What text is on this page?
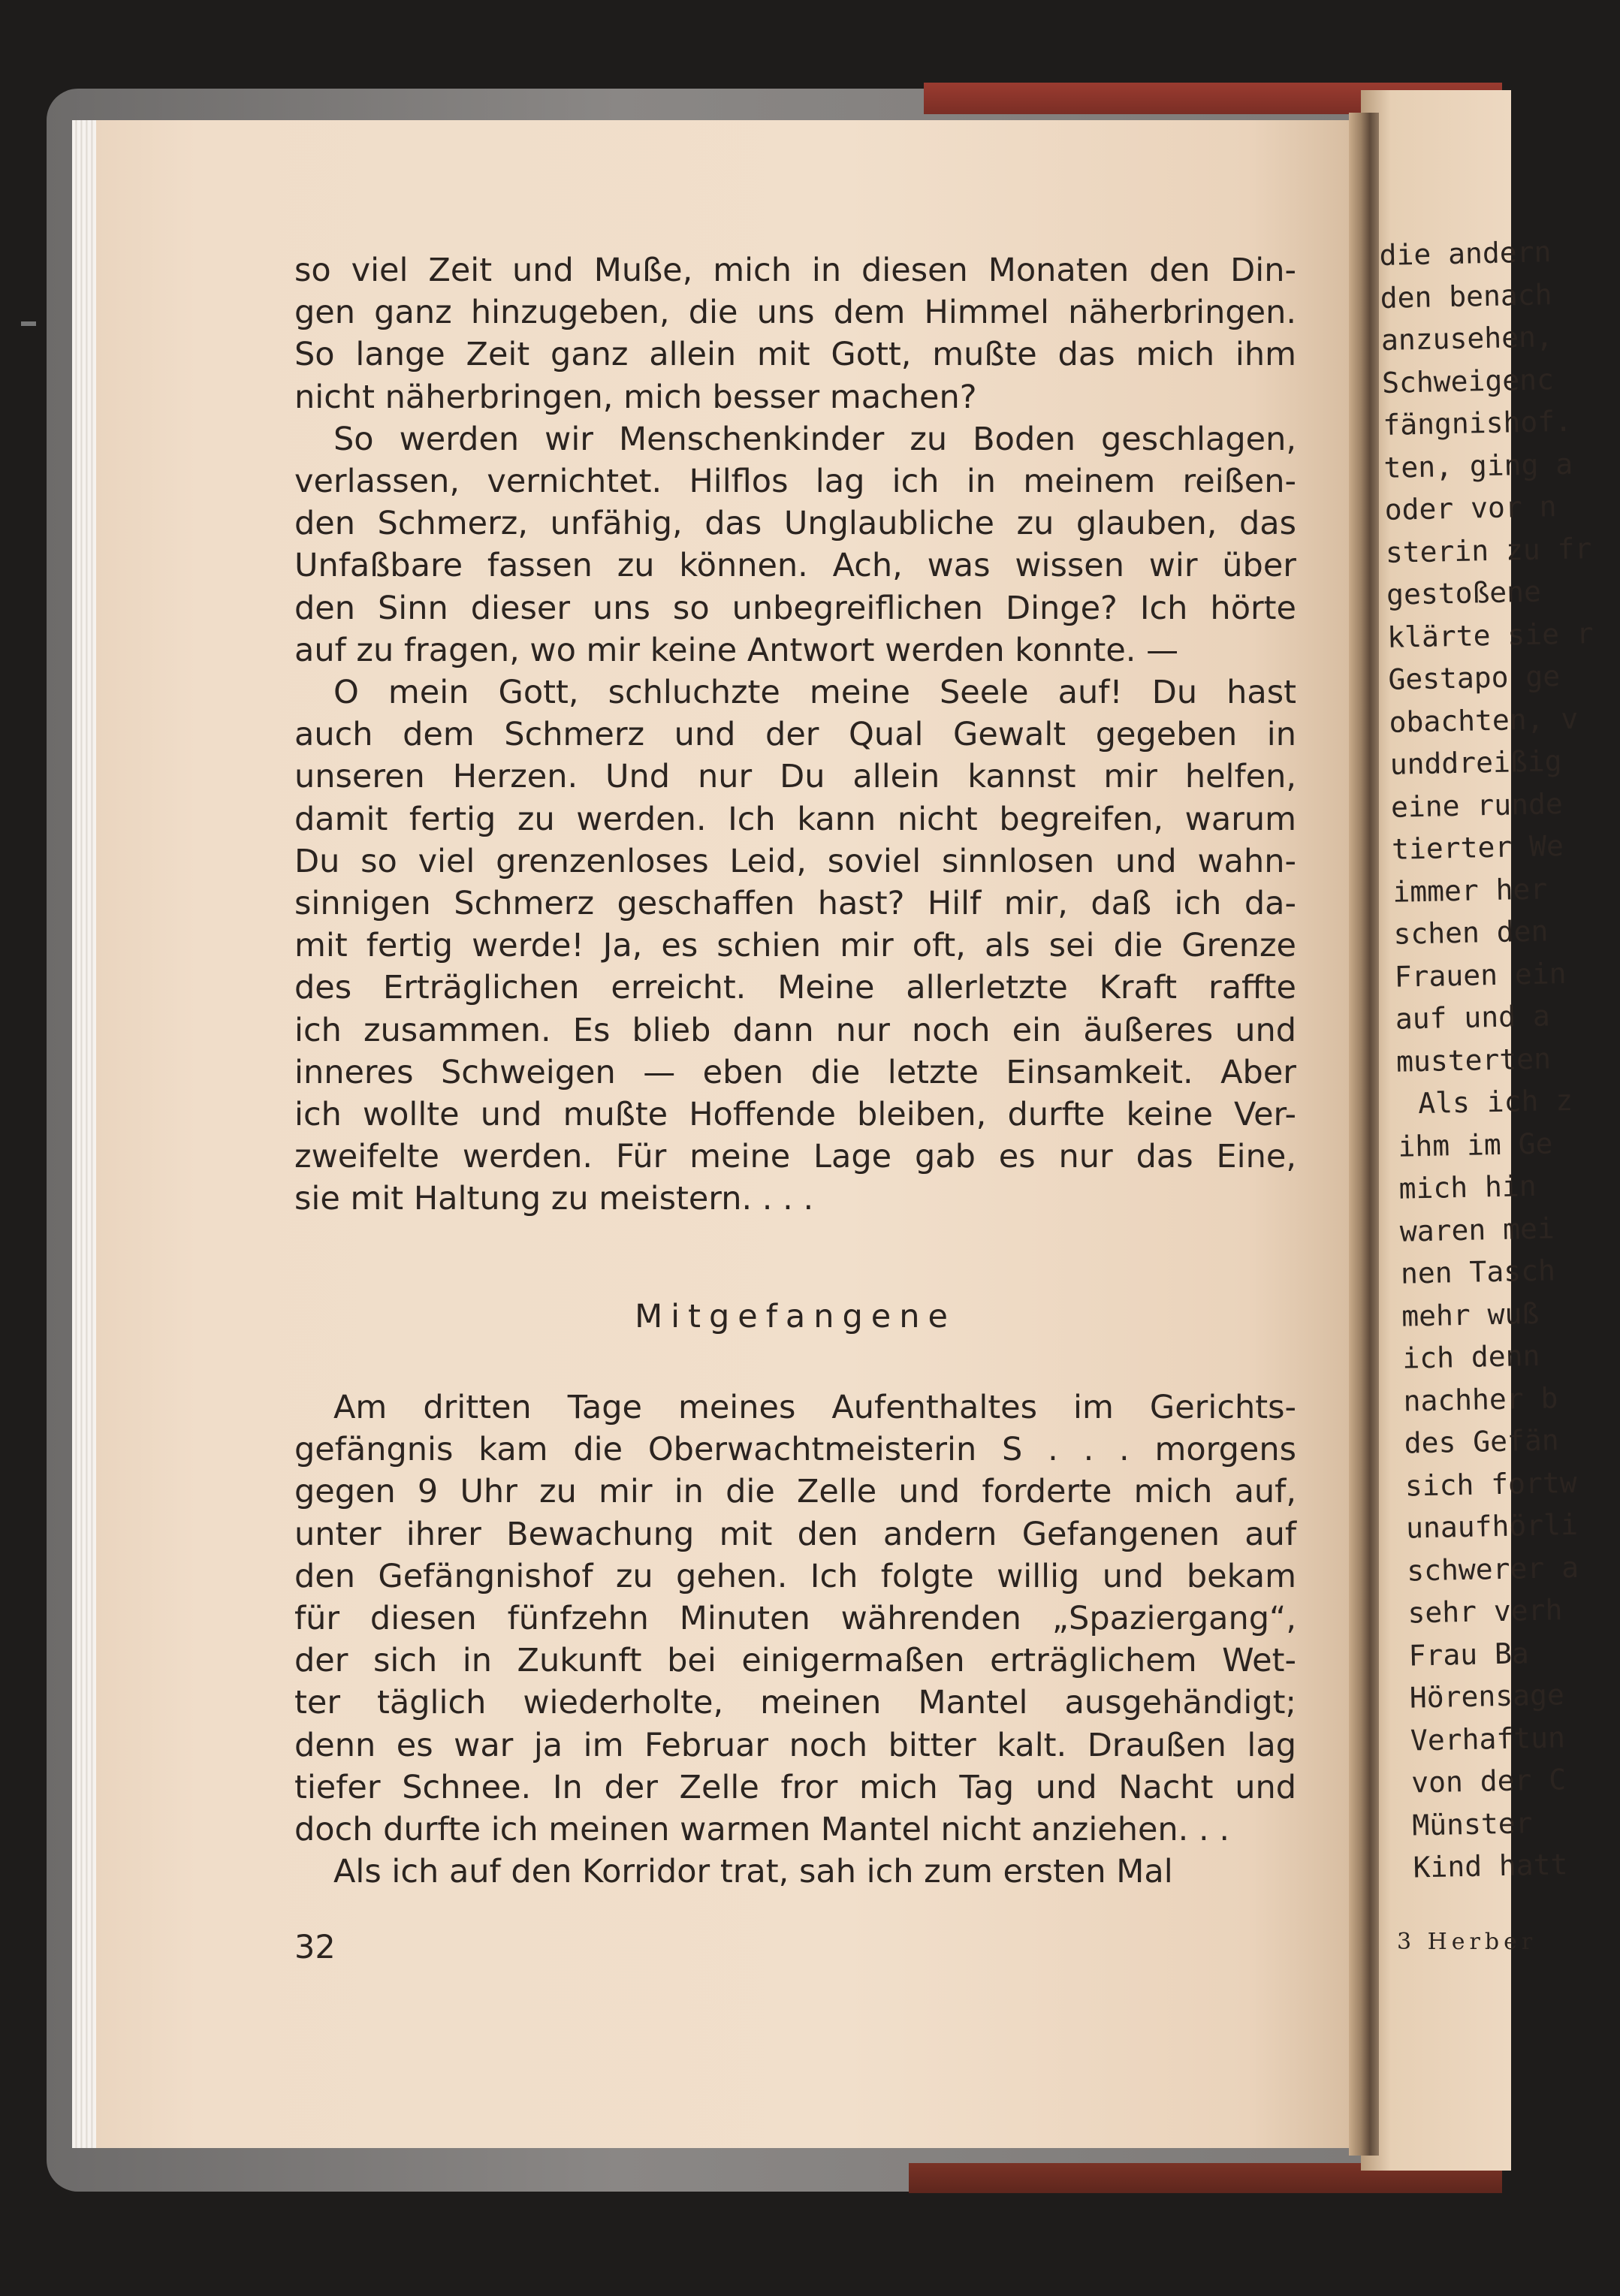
so viel Zeit und Muße, mich in diesen Monaten den Din-
gen ganz hinzugeben, die uns dem Himmel näherbringen.
So lange Zeit ganz allein mit Gott, mußte das mich ihm
nicht näherbringen, mich besser machen?
So werden wir Menschenkinder zu Boden geschlagen,
verlassen, vernichtet. Hilflos lag ich in meinem reißen-
den Schmerz, unfähig, das Unglaubliche zu glauben, das
Unfaßbare fassen zu können. Ach, was wissen wir über
den Sinn dieser uns so unbegreiflichen Dinge? Ich hörte
auf zu fragen, wo mir keine Antwort werden konnte. —
O mein Gott, schluchzte meine Seele auf! Du hast
auch dem Schmerz und der Qual Gewalt gegeben in
unseren Herzen. Und nur Du allein kannst mir helfen,
damit fertig zu werden. Ich kann nicht begreifen, warum
Du so viel grenzenloses Leid, soviel sinnlosen und wahn-
sinnigen Schmerz geschaffen hast? Hilf mir, daß ich da-
mit fertig werde! Ja, es schien mir oft, als sei die Grenze
des Erträglichen erreicht. Meine allerletzte Kraft raffte
ich zusammen. Es blieb dann nur noch ein äußeres und
inneres Schweigen — eben die letzte Einsamkeit. Aber
ich wollte und mußte Hoffende bleiben, durfte keine Ver-
zweifelte werden. Für meine Lage gab es nur das Eine,
sie mit Haltung zu meistern. . . .
Mitgefangene
Am dritten Tage meines Aufenthaltes im Gerichts-
gefängnis kam die Oberwachtmeisterin S . . . morgens
gegen 9 Uhr zu mir in die Zelle und forderte mich auf,
unter ihrer Bewachung mit den andern Gefangenen auf
den Gefängnishof zu gehen. Ich folgte willig und bekam
für diesen fünfzehn Minuten währenden „Spaziergang“,
der sich in Zukunft bei einigermaßen erträglichem Wet-
ter täglich wiederholte, meinen Mantel ausgehändigt;
denn es war ja im Februar noch bitter kalt. Draußen lag
tiefer Schnee. In der Zelle fror mich Tag und Nacht und
doch durfte ich meinen warmen Mantel nicht anziehen. . .
Als ich auf den Korridor trat, sah ich zum ersten Mal
32
die andern
den benach
anzusehen,
Schweigenc
fängnishof.
ten, ging a
oder vor n
sterin zu fr
gestoßene
klärte sie r
Gestapo ge
obachten, v
unddreißig
eine runde
tierter We
immer her
schen den
Frauen ein
auf und a
musterten
Als ich z
ihm im Ge
mich hin
waren mei
nen Tasch
mehr wuß
ich denn
nachher b
des Gefän
sich fortw
unaufhörli
schwerer a
sehr verh
Frau Ba
Hörensage
Verhaftun
von der C
Münster
Kind hatt
3 Herber
